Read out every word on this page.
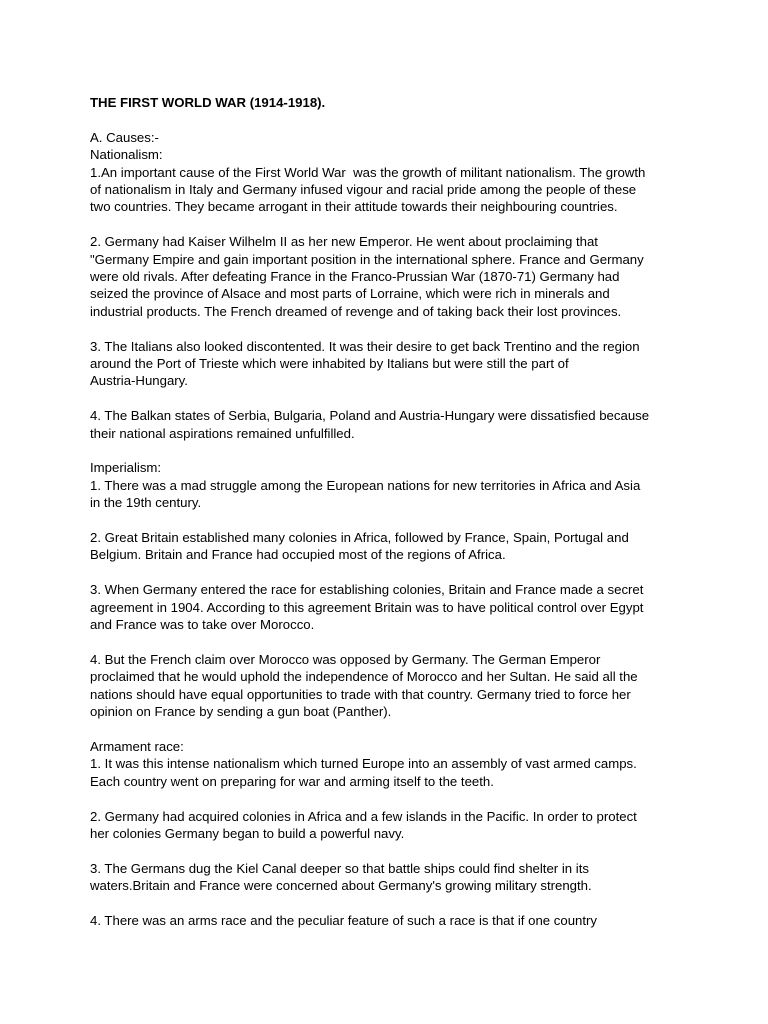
THE FIRST WORLD WAR (1914-1918).
A. Causes:-
Nationalism:
1.An important cause of the First World War  was the growth of militant nationalism. The growth
of nationalism in Italy and Germany infused vigour and racial pride among the people of these
two countries. They became arrogant in their attitude towards their neighbouring countries.
2. Germany had Kaiser Wilhelm II as her new Emperor. He went about proclaiming that
"Germany Empire and gain important position in the international sphere. France and Germany
were old rivals. After defeating France in the Franco-Prussian War (1870-71) Germany had
seized the province of Alsace and most parts of Lorraine, which were rich in minerals and
industrial products. The French dreamed of revenge and of taking back their lost provinces.
3. The Italians also looked discontented. It was their desire to get back Trentino and the region
around the Port of Trieste which were inhabited by Italians but were still the part of
Austria-Hungary.
4. The Balkan states of Serbia, Bulgaria, Poland and Austria-Hungary were dissatisfied because
their national aspirations remained unfulfilled.
Imperialism:
1. There was a mad struggle among the European nations for new territories in Africa and Asia
in the 19th century.
2. Great Britain established many colonies in Africa, followed by France, Spain, Portugal and
Belgium. Britain and France had occupied most of the regions of Africa.
3. When Germany entered the race for establishing colonies, Britain and France made a secret
agreement in 1904. According to this agreement Britain was to have political control over Egypt
and France was to take over Morocco.
4. But the French claim over Morocco was opposed by Germany. The German Emperor
proclaimed that he would uphold the independence of Morocco and her Sultan. He said all the
nations should have equal opportunities to trade with that country. Germany tried to force her
opinion on France by sending a gun boat (Panther).
Armament race:
1. It was this intense nationalism which turned Europe into an assembly of vast armed camps.
Each country went on preparing for war and arming itself to the teeth.
2. Germany had acquired colonies in Africa and a few islands in the Pacific. In order to protect
her colonies Germany began to build a powerful navy.
3. The Germans dug the Kiel Canal deeper so that battle ships could find shelter in its
waters.Britain and France were concerned about Germany's growing military strength.
4. There was an arms race and the peculiar feature of such a race is that if one country
